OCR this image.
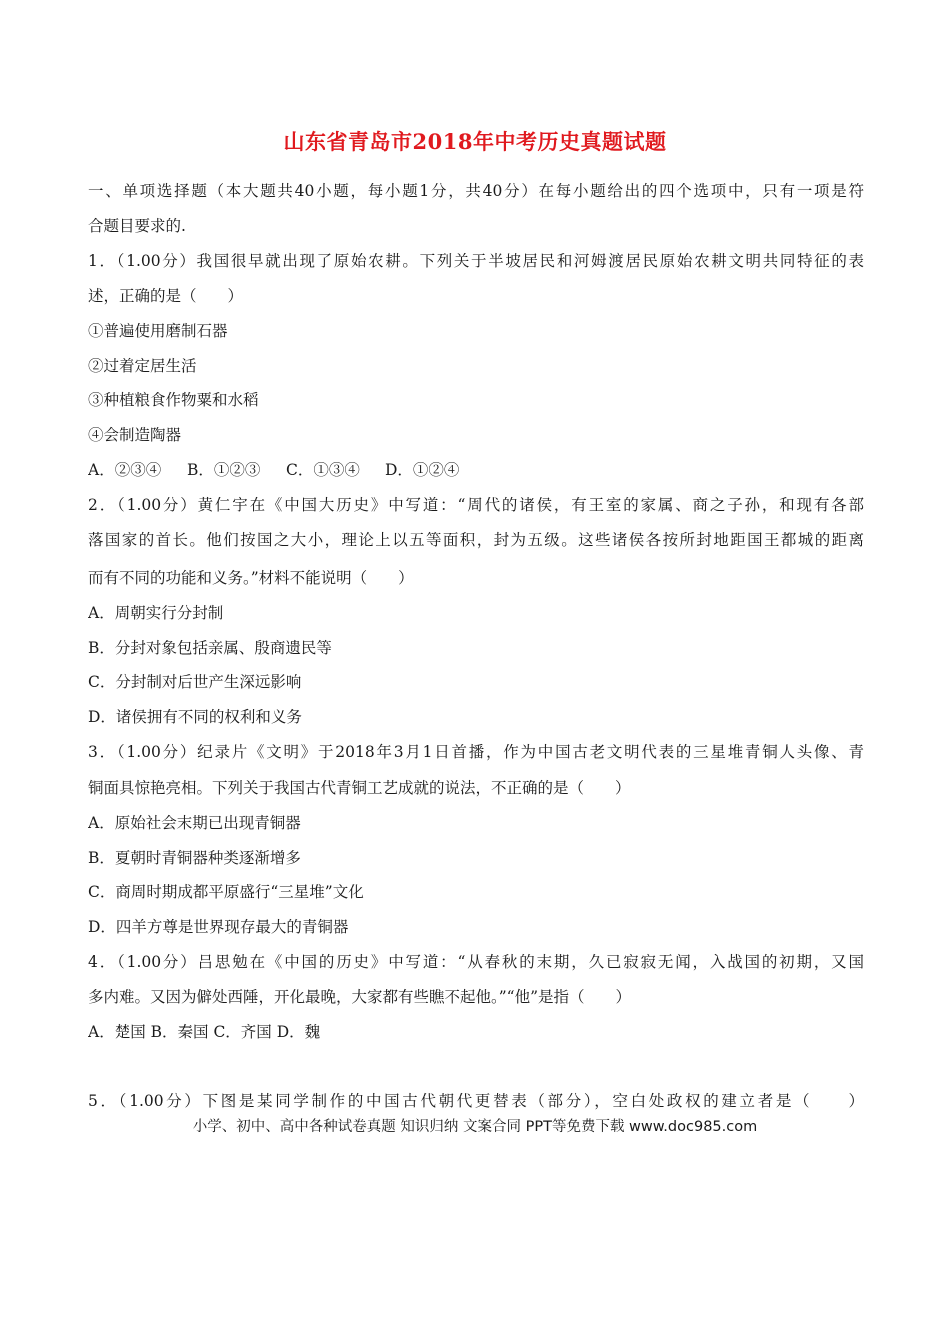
山东省青岛市2018年中考历史真题试题
一、单项选择题（本大题共40小题，每小题1分，共40分）在每小题给出的四个选项中，只有一项是符
合题目要求的.
1．（1.00分）我国很早就出现了原始农耕。下列关于半坡居民和河姆渡居民原始农耕文明共同特征的表
述，正确的是（　　）
①普遍使用磨制石器
②过着定居生活
③种植粮食作物粟和水稻
④会制造陶器
A．②③④ B．①②③ C．①③④ D．①②④
2．（1.00分）黄仁宇在《中国大历史》中写道：“周代的诸侯，有王室的家属、商之子孙，和现有各部
落国家的首长。他们按国之大小，理论上以五等面积，封为五级。这些诸侯各按所封地距国王都城的距离
而有不同的功能和义务。”材料不能说明（　　）
A．周朝实行分封制
B．分封对象包括亲属、殷商遗民等
C．分封制对后世产生深远影响
D．诸侯拥有不同的权利和义务
3．（1.00分）纪录片《文明》于2018年3月1日首播，作为中国古老文明代表的三星堆青铜人头像、青
铜面具惊艳亮相。下列关于我国古代青铜工艺成就的说法，不正确的是（　　）
A．原始社会末期已出现青铜器
B．夏朝时青铜器种类逐渐增多
C．商周时期成都平原盛行“三星堆”文化
D．四羊方尊是世界现存最大的青铜器
4．（1.00分）吕思勉在《中国的历史》中写道：“从春秋的末期，久已寂寂无闻，入战国的初期，又国
多内难。又因为僻处西陲，开化最晚，大家都有些瞧不起他。”“他”是指（　　）
A．楚国 B．秦国 C．齐国 D．魏
5．（1.00分）下图是某同学制作的中国古代朝代更替表（部分），空白处政权的建立者是（　　）
小学、初中、高中各种试卷真题 知识归纳 文案合同 PPT等免费下载 www.doc985.com
